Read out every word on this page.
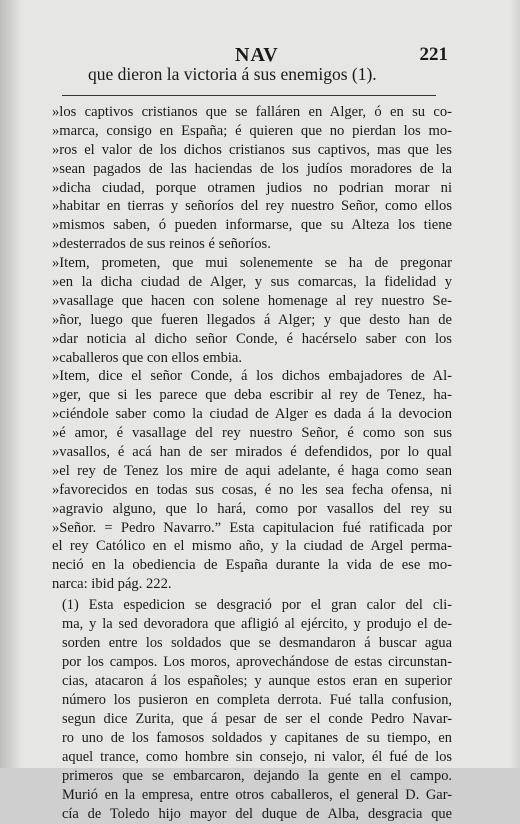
NAV	221
que dieron la victoria á sus enemigos (1).
»los captivos cristianos que se falláren en Alger, ó en su co-
»marca, consigo en España; é quieren que no pierdan los mo-
»ros el valor de los dichos cristianos sus captivos, mas que les
»sean pagados de las haciendas de los judíos moradores de la
»dicha ciudad, porque otramen judios no podrian morar ni
»habitar en tierras y señoríos del rey nuestro Señor, como ellos
»mismos saben, ó pueden informarse, que su Alteza los tiene
»desterrados de sus reinos é señoríos.
»Item, prometen, que mui solenemente se ha de pregonar
»en la dicha ciudad de Alger, y sus comarcas, la fidelidad y
»vasallage que hacen con solene homenage al rey nuestro Se-
»ñor, luego que fueren llegados á Alger; y que desto han de
»dar noticia al dicho señor Conde, é hacérselo saber con los
»caballeros que con ellos embia.
»Item, dice el señor Conde, á los dichos embajadores de Al-
»ger, que si les parece que deba escribir al rey de Tenez, ha-
»ciéndole saber como la ciudad de Alger es dada á la devocion
»é amor, é vasallage del rey nuestro Señor, é como son sus
»vasallos, é acá han de ser mirados é defendidos, por lo qual
»el rey de Tenez los mire de aqui adelante, é haga como sean
»favorecidos en todas sus cosas, é no les sea fecha ofensa, ni
»agravio alguno, que lo hará, como por vasallos del rey su
»Señor. = Pedro Navarro.” Esta capitulacion fué ratificada por
el rey Católico en el mismo año, y la ciudad de Argel perma-
neció en la obediencia de España durante la vida de ese mo-
narca: ibid pág. 222.
(1) Esta espedicion se desgració por el gran calor del cli-
ma, y la sed devoradora que afligió al ejército, y produjo el de-
sorden entre los soldados que se desmandaron á buscar agua
por los campos. Los moros, aprovechándose de estas circunstan-
cias, atacaron á los españoles; y aunque estos eran en superior
número los pusieron en completa derrota. Fué talla confusion,
segun dice Zurita, que á pesar de ser el conde Pedro Navar-
ro uno de los famosos soldados y capitanes de su tiempo, en
aquel trance, como hombre sin consejo, ni valor, él fué de los
primeros que se embarcaron, dejando la gente en el campo.
Murió en la empresa, entre otros caballeros, el general D. Gar-
cía de Toledo hijo mayor del duque de Alba, desgracia que
